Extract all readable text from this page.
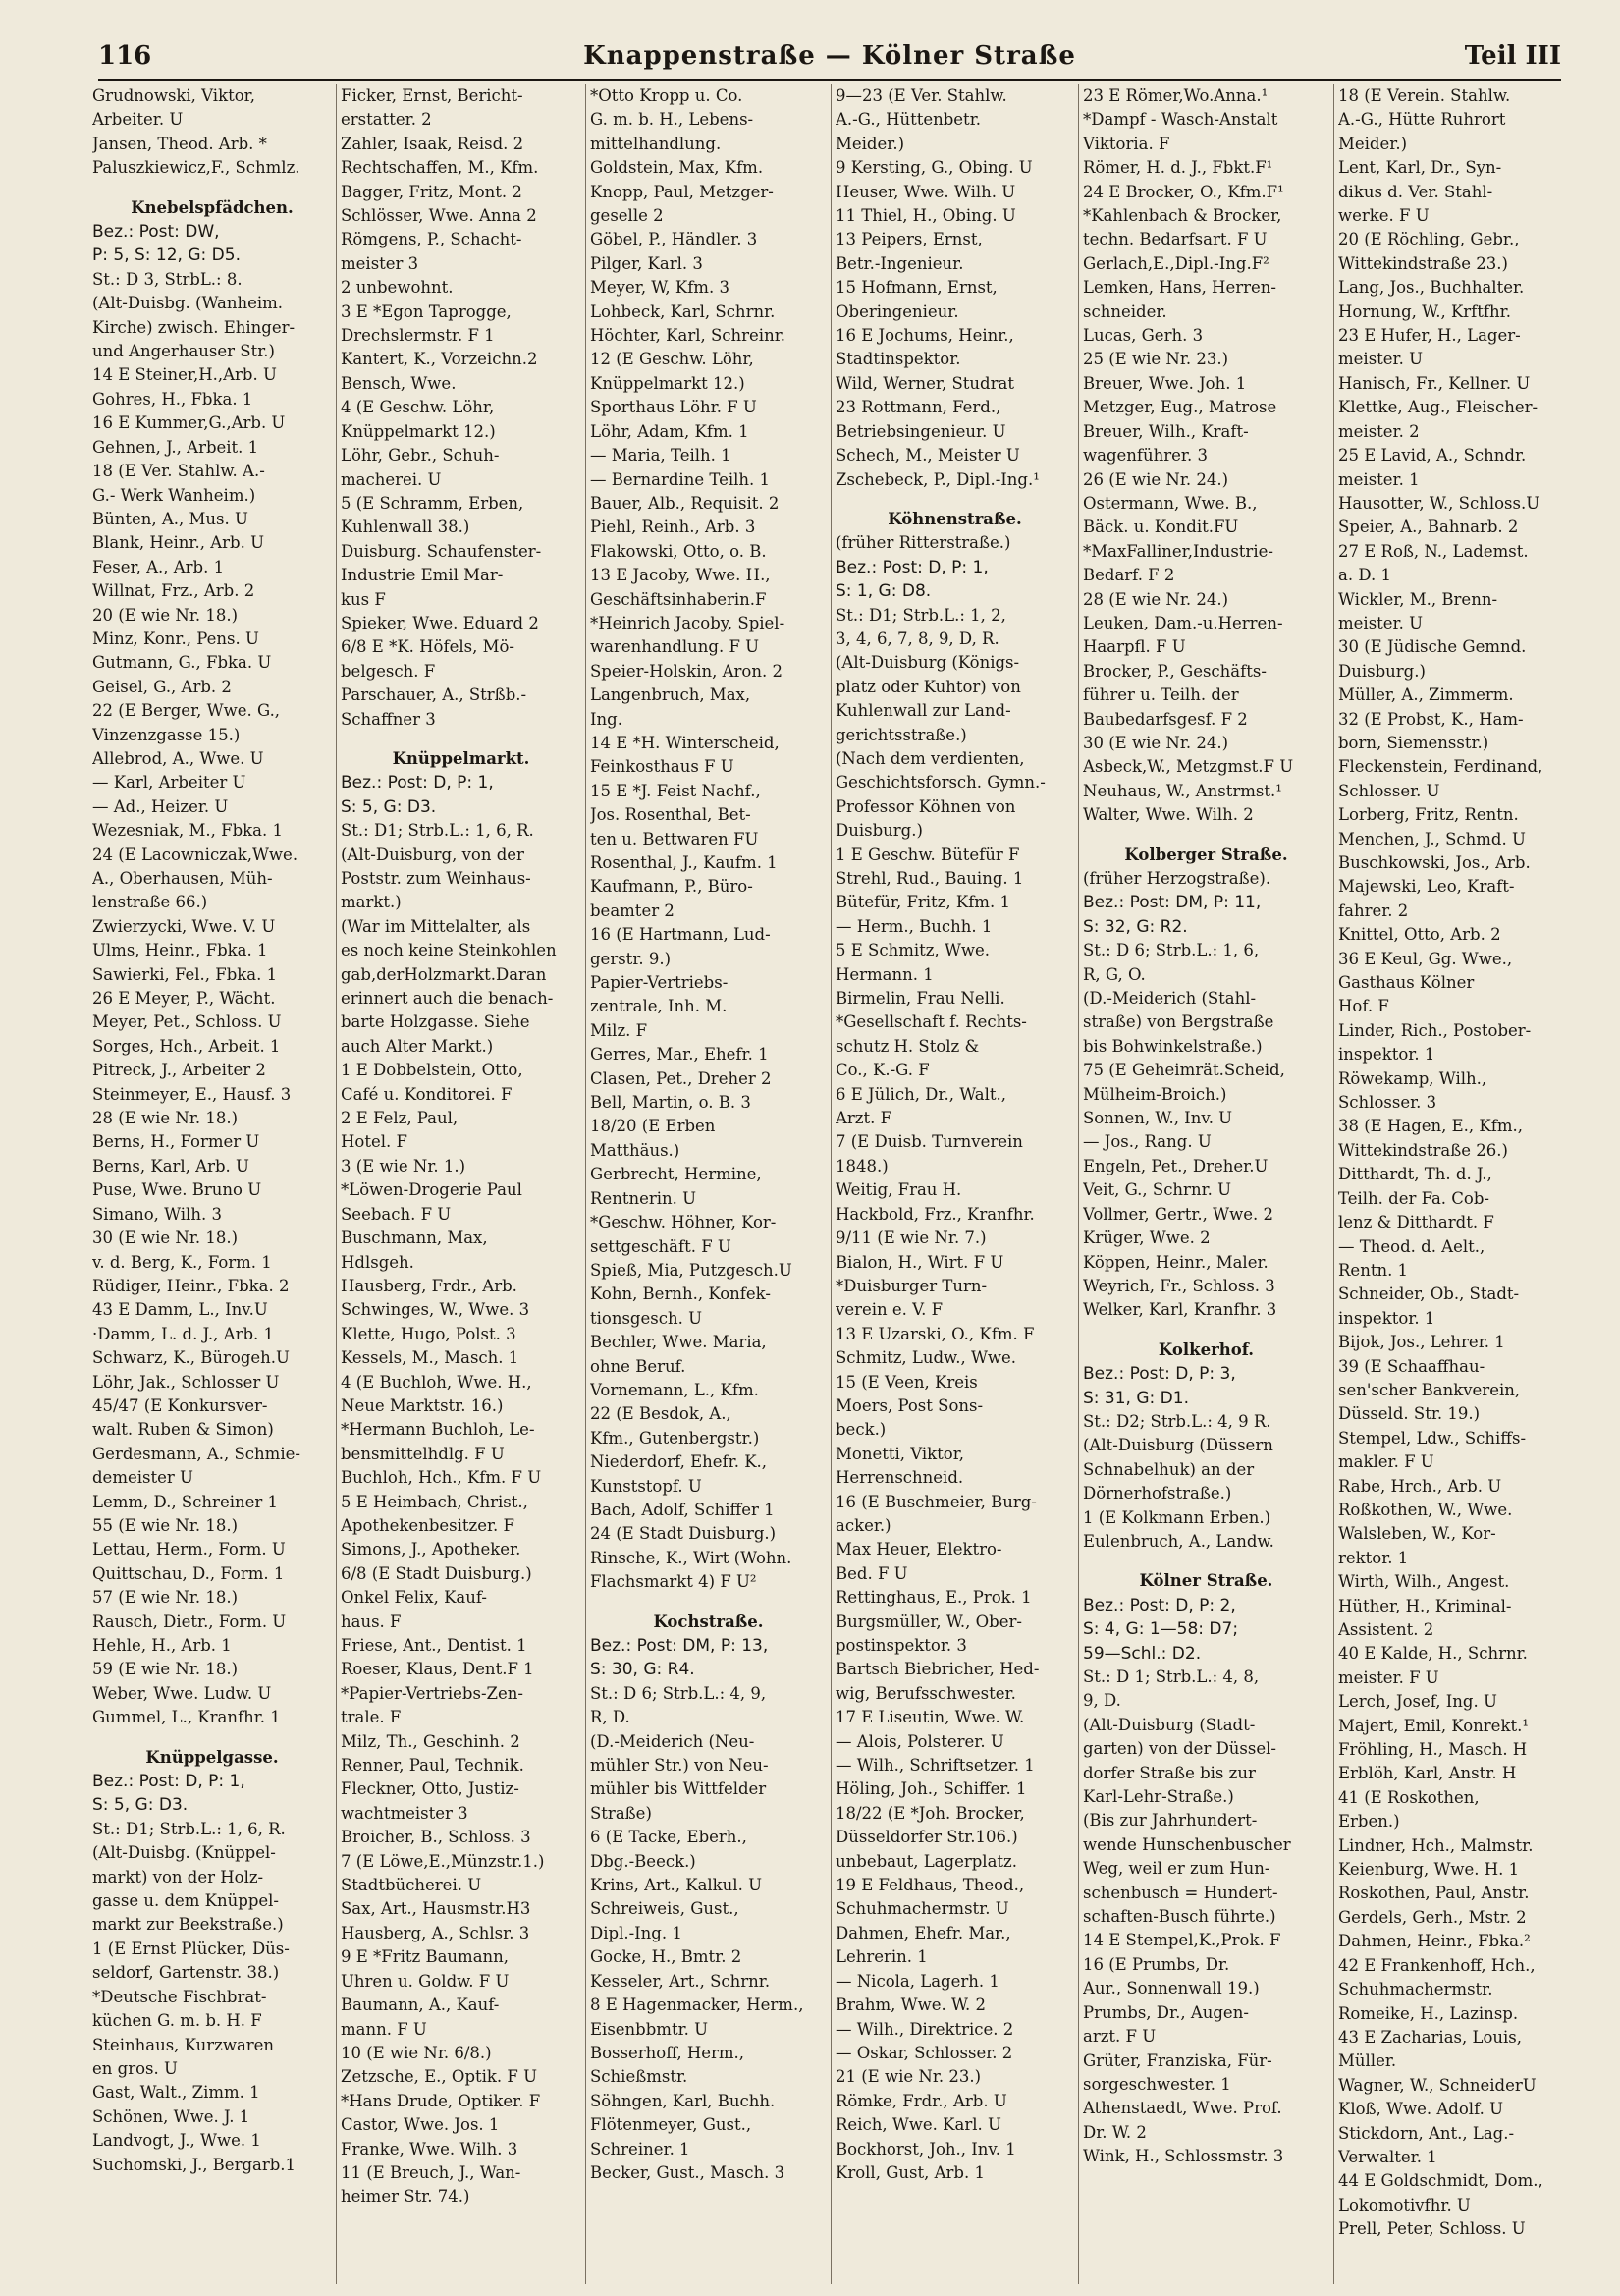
116	Knappenstraße — Kölner Straße	Teil III
Grudnowski, Viktor,
Arbeiter. U
Jansen, Theod. Arb. *
Paluszkiewicz,F., Schmlz.
Knebelspfädchen.
Bez.: Post: DW,
P: 5, S: 12, G: D5.
St.: D 3, StrbL.: 8.
(Alt-Duisbg. (Wanheim.
Kirche) zwisch. Ehinger-
und Angerhauser Str.)
14 E Steiner,H.,Arb. U
Gohres, H., Fbka. 1
16 E Kummer,G.,Arb. U
Gehnen, J., Arbeit. 1
18 (E Ver. Stahlw. A.-
G.- Werk Wanheim.)
Bünten, A., Mus. U
Blank, Heinr., Arb. U
Feser, A., Arb. 1
Willnat, Frz., Arb. 2
20 (E wie Nr. 18.)
Minz, Konr., Pens. U
Gutmann, G., Fbka. U
Geisel, G., Arb. 2
22 (E Berger, Wwe. G.,
Vinzenzgasse 15.)
Allebrod, A., Wwe. U
— Karl, Arbeiter U
— Ad., Heizer. U
Wezesniak, M., Fbka. 1
24 (E Lacowniczak,Wwe.
A., Oberhausen, Müh-
lenstraße 66.)
Zwierzycki, Wwe. V. U
Ulms, Heinr., Fbka. 1
Sawierki, Fel., Fbka. 1
26 E Meyer, P., Wächt.
Meyer, Pet., Schloss. U
Sorges, Hch., Arbeit. 1
Pitreck, J., Arbeiter 2
Steinmeyer, E., Hausf. 3
28 (E wie Nr. 18.)
Berns, H., Former U
Berns, Karl, Arb. U
Puse, Wwe. Bruno U
Simano, Wilh. 3
30 (E wie Nr. 18.)
v. d. Berg, K., Form. 1
Rüdiger, Heinr., Fbka. 2
43 E Damm, L., Inv.U
·Damm, L. d. J., Arb. 1
Schwarz, K., Bürogeh.U
Löhr, Jak., Schlosser U
45/47 (E Konkursver-
walt. Ruben & Simon)
Gerdesmann, A., Schmie-
demeister U
Lemm, D., Schreiner 1
55 (E wie Nr. 18.)
Lettau, Herm., Form. U
Quittschau, D., Form. 1
57 (E wie Nr. 18.)
Rausch, Dietr., Form. U
Hehle, H., Arb. 1
59 (E wie Nr. 18.)
Weber, Wwe. Ludw. U
Gummel, L., Kranfhr. 1
Knüppelgasse.
Bez.: Post: D, P: 1,
S: 5, G: D3.
St.: D1; Strb.L.: 1, 6, R.
(Alt-Duisbg. (Knüppel-
markt) von der Holz-
gasse u. dem Knüppel-
markt zur Beekstraße.)
1 (E Ernst Plücker, Düs-
seldorf, Gartenstr. 38.)
*Deutsche Fischbrat-
küchen G. m. b. H. F
Steinhaus, Kurzwaren
en gros. U
Gast, Walt., Zimm. 1
Schönen, Wwe. J. 1
Landvogt, J., Wwe. 1
Suchomski, J., Bergarb.1
Ficker, Ernst, Bericht-
erstatter. 2
Zahler, Isaak, Reisd. 2
Rechtschaffen, M., Kfm.
Bagger, Fritz, Mont. 2
Schlösser, Wwe. Anna 2
Römgens, P., Schacht-
meister 3
2 unbewohnt.
3 E *Egon Taprogge,
Drechslermstr. F 1
Kantert, K., Vorzeichn.2
Bensch, Wwe.
4 (E Geschw. Löhr,
Knüppelmarkt 12.)
Löhr, Gebr., Schuh-
macherei. U
5 (E Schramm, Erben,
Kuhlenwall 38.)
Duisburg. Schaufenster-
Industrie Emil Mar-
kus F
Spieker, Wwe. Eduard 2
6/8 E *K. Höfels, Mö-
belgesch. F
Parschauer, A., Strßb.-
Schaffner 3
Knüppelmarkt.
Bez.: Post: D, P: 1,
S: 5, G: D3.
St.: D1; Strb.L.: 1, 6, R.
(Alt-Duisburg, von der
Poststr. zum Weinhaus-
markt.)
(War im Mittelalter, als
es noch keine Steinkohlen
gab,derHolzmarkt.Daran
erinnert auch die benach-
barte Holzgasse. Siehe
auch Alter Markt.)
1 E Dobbelstein, Otto,
Café u. Konditorei. F
2 E Felz, Paul,
Hotel. F
3 (E wie Nr. 1.)
*Löwen-Drogerie Paul
Seebach. F U
Buschmann, Max,
Hdlsgeh.
Hausberg, Frdr., Arb.
Schwinges, W., Wwe. 3
Klette, Hugo, Polst. 3
Kessels, M., Masch. 1
4 (E Buchloh, Wwe. H.,
Neue Marktstr. 16.)
*Hermann Buchloh, Le-
bensmittelhdlg. F U
Buchloh, Hch., Kfm. F U
5 E Heimbach, Christ.,
Apothekenbesitzer. F
Simons, J., Apotheker.
6/8 (E Stadt Duisburg.)
Onkel Felix, Kauf-
haus. F
Friese, Ant., Dentist. 1
Roeser, Klaus, Dent.F 1
*Papier-Vertriebs-Zen-
trale. F
Milz, Th., Geschinh. 2
Renner, Paul, Technik.
Fleckner, Otto, Justiz-
wachtmeister 3
Broicher, B., Schloss. 3
7 (E Löwe,E.,Münzstr.1.)
Stadtbücherei. U
Sax, Art., Hausmstr.H3
Hausberg, A., Schlsr. 3
9 E *Fritz Baumann,
Uhren u. Goldw. F U
Baumann, A., Kauf-
mann. F U
10 (E wie Nr. 6/8.)
Zetzsche, E., Optik. F U
*Hans Drude, Optiker. F
Castor, Wwe. Jos. 1
Franke, Wwe. Wilh. 3
11 (E Breuch, J., Wan-
heimer Str. 74.)
*Otto Kropp u. Co.
G. m. b. H., Lebens-
mittelhandlung.
Goldstein, Max, Kfm.
Knopp, Paul, Metzger-
geselle 2
Göbel, P., Händler. 3
Pilger, Karl. 3
Meyer, W, Kfm. 3
Lohbeck, Karl, Schrnr.
Höchter, Karl, Schreinr.
12 (E Geschw. Löhr,
Knüppelmarkt 12.)
Sporthaus Löhr. F U
Löhr, Adam, Kfm. 1
— Maria, Teilh. 1
— Bernardine Teilh. 1
Bauer, Alb., Requisit. 2
Piehl, Reinh., Arb. 3
Flakowski, Otto, o. B.
13 E Jacoby, Wwe. H.,
Geschäftsinhaberin.F
*Heinrich Jacoby, Spiel-
warenhandlung. F U
Speier-Holskin, Aron. 2
Langenbruch, Max,
Ing.
14 E *H. Winterscheid,
Feinkosthaus F U
15 E *J. Feist Nachf.,
Jos. Rosenthal, Bet-
ten u. Bettwaren FU
Rosenthal, J., Kaufm. 1
Kaufmann, P., Büro-
beamter 2
16 (E Hartmann, Lud-
gerstr. 9.)
Papier-Vertriebs-
zentrale, Inh. M.
Milz. F
Gerres, Mar., Ehefr. 1
Clasen, Pet., Dreher 2
Bell, Martin, o. B. 3
18/20 (E Erben
Matthäus.)
Gerbrecht, Hermine,
Rentnerin. U
*Geschw. Höhner, Kor-
settgeschäft. F U
Spieß, Mia, Putzgesch.U
Kohn, Bernh., Konfek-
tionsgesch. U
Bechler, Wwe. Maria,
ohne Beruf.
Vornemann, L., Kfm.
22 (E Besdok, A.,
Kfm., Gutenbergstr.)
Niederdorf, Ehefr. K.,
Kunststopf. U
Bach, Adolf, Schiffer 1
24 (E Stadt Duisburg.)
Rinsche, K., Wirt (Wohn.
Flachsmarkt 4) F U²
Kochstraße.
Bez.: Post: DM, P: 13,
S: 30, G: R4.
St.: D 6; Strb.L.: 4, 9,
R, D.
(D.-Meiderich (Neu-
mühler Str.) von Neu-
mühler bis Wittfelder
Straße)
6 (E Tacke, Eberh.,
Dbg.-Beeck.)
Krins, Art., Kalkul. U
Schreiweis, Gust.,
Dipl.-Ing. 1
Gocke, H., Bmtr. 2
Kesseler, Art., Schrnr.
8 E Hagenmacker, Herm.,
Eisenbbmtr. U
Bosserhoff, Herm.,
Schießmstr.
Söhngen, Karl, Buchh.
Flötenmeyer, Gust.,
Schreiner. 1
Becker, Gust., Masch. 3
9—23 (E Ver. Stahlw.
A.-G., Hüttenbetr.
Meider.)
9 Kersting, G., Obing. U
Heuser, Wwe. Wilh. U
11 Thiel, H., Obing. U
13 Peipers, Ernst,
Betr.-Ingenieur.
15 Hofmann, Ernst,
Oberingenieur.
16 E Jochums, Heinr.,
Stadtinspektor.
Wild, Werner, Studrat
23 Rottmann, Ferd.,
Betriebsingenieur. U
Schech, M., Meister U
Zschebeck, P., Dipl.-Ing.¹
Köhnenstraße.
(früher Ritterstraße.)
Bez.: Post: D, P: 1,
S: 1, G: D8.
St.: D1; Strb.L.: 1, 2,
3, 4, 6, 7, 8, 9, D, R.
(Alt-Duisburg (Königs-
platz oder Kuhtor) von
Kuhlenwall zur Land-
gerichtsstraße.)
(Nach dem verdienten,
Geschichtsforsch. Gymn.-
Professor Köhnen von
Duisburg.)
1 E Geschw. Bütefür F
Strehl, Rud., Bauing. 1
Bütefür, Fritz, Kfm. 1
— Herm., Buchh. 1
5 E Schmitz, Wwe.
Hermann. 1
Birmelin, Frau Nelli.
*Gesellschaft f. Rechts-
schutz H. Stolz &
Co., K.-G. F
6 E Jülich, Dr., Walt.,
Arzt. F
7 (E Duisb. Turnverein
1848.)
Weitig, Frau H.
Hackbold, Frz., Kranfhr.
9/11 (E wie Nr. 7.)
Bialon, H., Wirt. F U
*Duisburger Turn-
verein e. V. F
13 E Uzarski, O., Kfm. F
Schmitz, Ludw., Wwe.
15 (E Veen, Kreis
Moers, Post Sons-
beck.)
Monetti, Viktor,
Herrenschneid.
16 (E Buschmeier, Burg-
acker.)
Max Heuer, Elektro-
Bed. F U
Rettinghaus, E., Prok. 1
Burgsmüller, W., Ober-
postinspektor. 3
Bartsch Biebricher, Hed-
wig, Berufsschwester.
17 E Liseutin, Wwe. W.
— Alois, Polsterer. U
— Wilh., Schriftsetzer. 1
Höling, Joh., Schiffer. 1
18/22 (E *Joh. Brocker,
Düsseldorfer Str.106.)
unbebaut, Lagerplatz.
19 E Feldhaus, Theod.,
Schuhmachermstr. U
Dahmen, Ehefr. Mar.,
Lehrerin. 1
— Nicola, Lagerh. 1
Brahm, Wwe. W. 2
— Wilh., Direktrice. 2
— Oskar, Schlosser. 2
21 (E wie Nr. 23.)
Römke, Frdr., Arb. U
Reich, Wwe. Karl. U
Bockhorst, Joh., Inv. 1
Kroll, Gust, Arb. 1
23 E Römer,Wo.Anna.¹
*Dampf - Wasch-Anstalt
Viktoria. F
Römer, H. d. J., Fbkt.F¹
24 E Brocker, O., Kfm.F¹
*Kahlenbach & Brocker,
techn. Bedarfsart. F U
Gerlach,E.,Dipl.-Ing.F²
Lemken, Hans, Herren-
schneider.
Lucas, Gerh. 3
25 (E wie Nr. 23.)
Breuer, Wwe. Joh. 1
Metzger, Eug., Matrose
Breuer, Wilh., Kraft-
wagenführer. 3
26 (E wie Nr. 24.)
Ostermann, Wwe. B.,
Bäck. u. Kondit.FU
*MaxFalliner,Industrie-
Bedarf. F 2
28 (E wie Nr. 24.)
Leuken, Dam.-u.Herren-
Haarpfl. F U
Brocker, P., Geschäfts-
führer u. Teilh. der
Baubedarfsgesf. F 2
30 (E wie Nr. 24.)
Asbeck,W., Metzgmst.F U
Neuhaus, W., Anstrmst.¹
Walter, Wwe. Wilh. 2
Kolberger Straße.
(früher Herzogstraße).
Bez.: Post: DM, P: 11,
S: 32, G: R2.
St.: D 6; Strb.L.: 1, 6,
R, G, O.
(D.-Meiderich (Stahl-
straße) von Bergstraße
bis Bohwinkelstraße.)
75 (E Geheimrät.Scheid,
Mülheim-Broich.)
Sonnen, W., Inv. U
— Jos., Rang. U
Engeln, Pet., Dreher.U
Veit, G., Schrnr. U
Vollmer, Gertr., Wwe. 2
Krüger, Wwe. 2
Köppen, Heinr., Maler.
Weyrich, Fr., Schloss. 3
Welker, Karl, Kranfhr. 3
Kolkerhof.
Bez.: Post: D, P: 3,
S: 31, G: D1.
St.: D2; Strb.L.: 4, 9 R.
(Alt-Duisburg (Düssern
Schnabelhuk) an der
Dörnerhofstraße.)
1 (E Kolkmann Erben.)
Eulenbruch, A., Landw.
Kölner Straße.
Bez.: Post: D, P: 2,
S: 4, G: 1—58: D7;
59—Schl.: D2.
St.: D 1; Strb.L.: 4, 8,
9, D.
(Alt-Duisburg (Stadt-
garten) von der Düssel-
dorfer Straße bis zur
Karl-Lehr-Straße.)
(Bis zur Jahrhundert-
wende Hunschenbuscher
Weg, weil er zum Hun-
schenbusch = Hundert-
schaften-Busch führte.)
14 E Stempel,K.,Prok. F
16 (E Prumbs, Dr.
Aur., Sonnenwall 19.)
Prumbs, Dr., Augen-
arzt. F U
Grüter, Franziska, Für-
sorgeschwester. 1
Athenstaedt, Wwe. Prof.
Dr. W. 2
Wink, H., Schlossmstr. 3
18 (E Verein. Stahlw.
A.-G., Hütte Ruhrort
Meider.)
Lent, Karl, Dr., Syn-
dikus d. Ver. Stahl-
werke. F U
20 (E Röchling, Gebr.,
Wittekindstraße 23.)
Lang, Jos., Buchhalter.
Hornung, W., Krftfhr.
23 E Hufer, H., Lager-
meister. U
Hanisch, Fr., Kellner. U
Klettke, Aug., Fleischer-
meister. 2
25 E Lavid, A., Schndr.
meister. 1
Hausotter, W., Schloss.U
Speier, A., Bahnarb. 2
27 E Roß, N., Lademst.
a. D. 1
Wickler, M., Brenn-
meister. U
30 (E Jüdische Gemnd.
Duisburg.)
Müller, A., Zimmerm.
32 (E Probst, K., Ham-
born, Siemensstr.)
Fleckenstein, Ferdinand,
Schlosser. U
Lorberg, Fritz, Rentn.
Menchen, J., Schmd. U
Buschkowski, Jos., Arb.
Majewski, Leo, Kraft-
fahrer. 2
Knittel, Otto, Arb. 2
36 E Keul, Gg. Wwe.,
Gasthaus Kölner
Hof. F
Linder, Rich., Postober-
inspektor. 1
Röwekamp, Wilh.,
Schlosser. 3
38 (E Hagen, E., Kfm.,
Wittekindstraße 26.)
Ditthardt, Th. d. J.,
Teilh. der Fa. Cob-
lenz & Ditthardt. F
— Theod. d. Aelt.,
Rentn. 1
Schneider, Ob., Stadt-
inspektor. 1
Bijok, Jos., Lehrer. 1
39 (E Schaaffhau-
sen'scher Bankverein,
Düsseld. Str. 19.)
Stempel, Ldw., Schiffs-
makler. F U
Rabe, Hrch., Arb. U
Roßkothen, W., Wwe.
Walsleben, W., Kor-
rektor. 1
Wirth, Wilh., Angest.
Hüther, H., Kriminal-
Assistent. 2
40 E Kalde, H., Schrnr.
meister. F U
Lerch, Josef, Ing. U
Majert, Emil, Konrekt.¹
Fröhling, H., Masch. H
Erblöh, Karl, Anstr. H
41 (E Roskothen,
Erben.)
Lindner, Hch., Malmstr.
Keienburg, Wwe. H. 1
Roskothen, Paul, Anstr.
Gerdels, Gerh., Mstr. 2
Dahmen, Heinr., Fbka.²
42 E Frankenhoff, Hch.,
Schuhmachermstr.
Romeike, H., Lazinsp.
43 E Zacharias, Louis,
Müller.
Wagner, W., SchneiderU
Kloß, Wwe. Adolf. U
Stickdorn, Ant., Lag.-
Verwalter. 1
44 E Goldschmidt, Dom.,
Lokomotivfhr. U
Prell, Peter, Schloss. U
